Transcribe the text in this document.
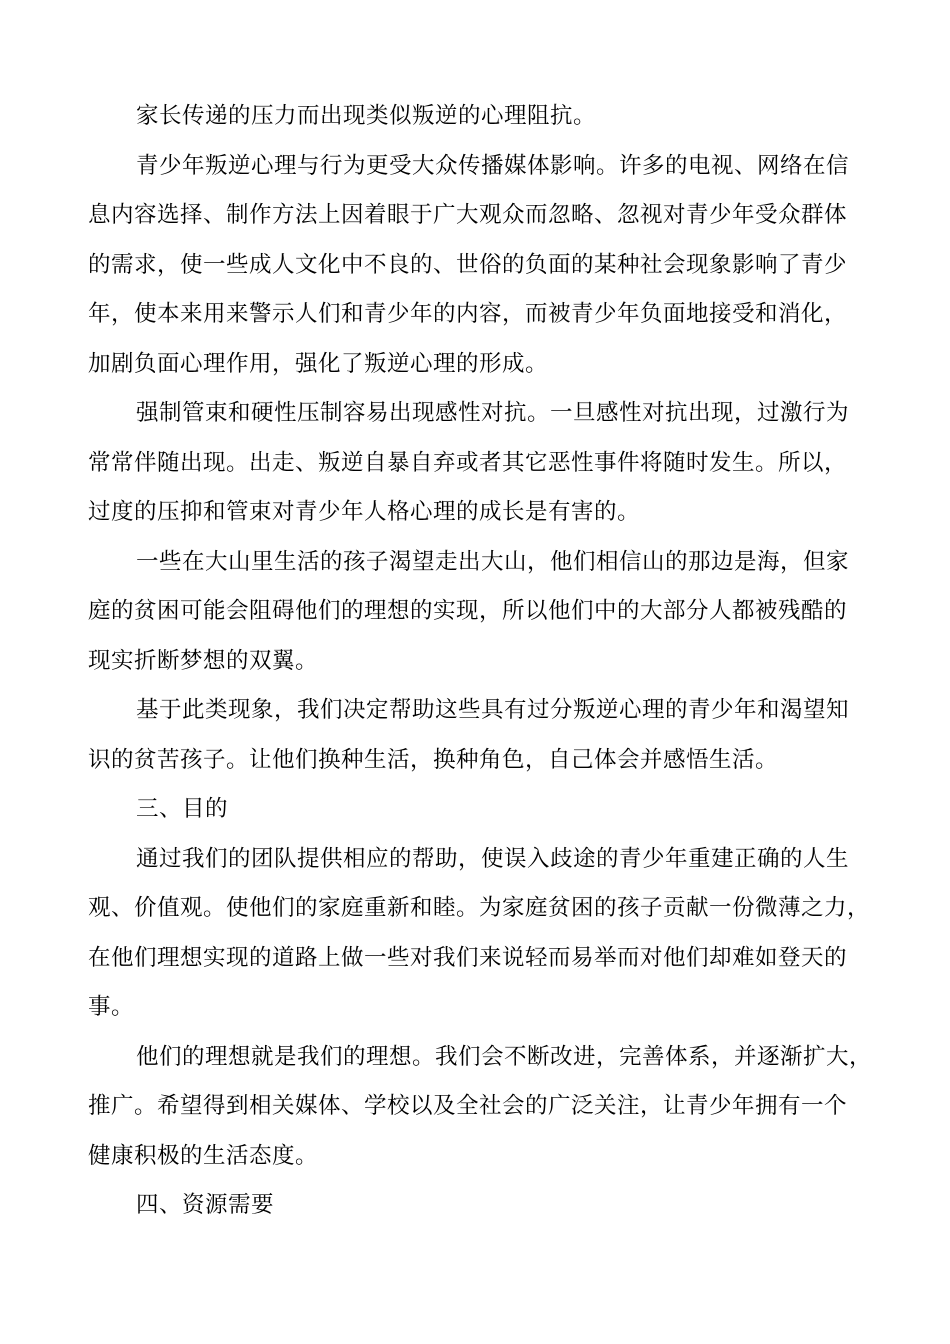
家长传递的压力而出现类似叛逆的心理阻抗。

青少年叛逆心理与行为更受大众传播媒体影响。许多的电视、网络在信
息内容选择、制作方法上因着眼于广大观众而忽略、忽视对青少年受众群体
的需求，使一些成人文化中不良的、世俗的负面的某种社会现象影响了青少
年，使本来用来警示人们和青少年的内容，而被青少年负面地接受和消化，
加剧负面心理作用，强化了叛逆心理的形成。

强制管束和硬性压制容易出现感性对抗。一旦感性对抗出现，过激行为
常常伴随出现。出走、叛逆自暴自弃或者其它恶性事件将随时发生。所以，
过度的压抑和管束对青少年人格心理的成长是有害的。

一些在大山里生活的孩子渴望走出大山，他们相信山的那边是海，但家
庭的贫困可能会阻碍他们的理想的实现，所以他们中的大部分人都被残酷的
现实折断梦想的双翼。

基于此类现象，我们决定帮助这些具有过分叛逆心理的青少年和渴望知
识的贫苦孩子。让他们换种生活，换种角色，自己体会并感悟生活。

三、目的

通过我们的团队提供相应的帮助，使误入歧途的青少年重建正确的人生
观、价值观。使他们的家庭重新和睦。为家庭贫困的孩子贡献一份微薄之力，
在他们理想实现的道路上做一些对我们来说轻而易举而对他们却难如登天的
事。

他们的理想就是我们的理想。我们会不断改进，完善体系，并逐渐扩大，
推广。希望得到相关媒体、学校以及全社会的广泛关注，让青少年拥有一个
健康积极的生活态度。

四、资源需要
